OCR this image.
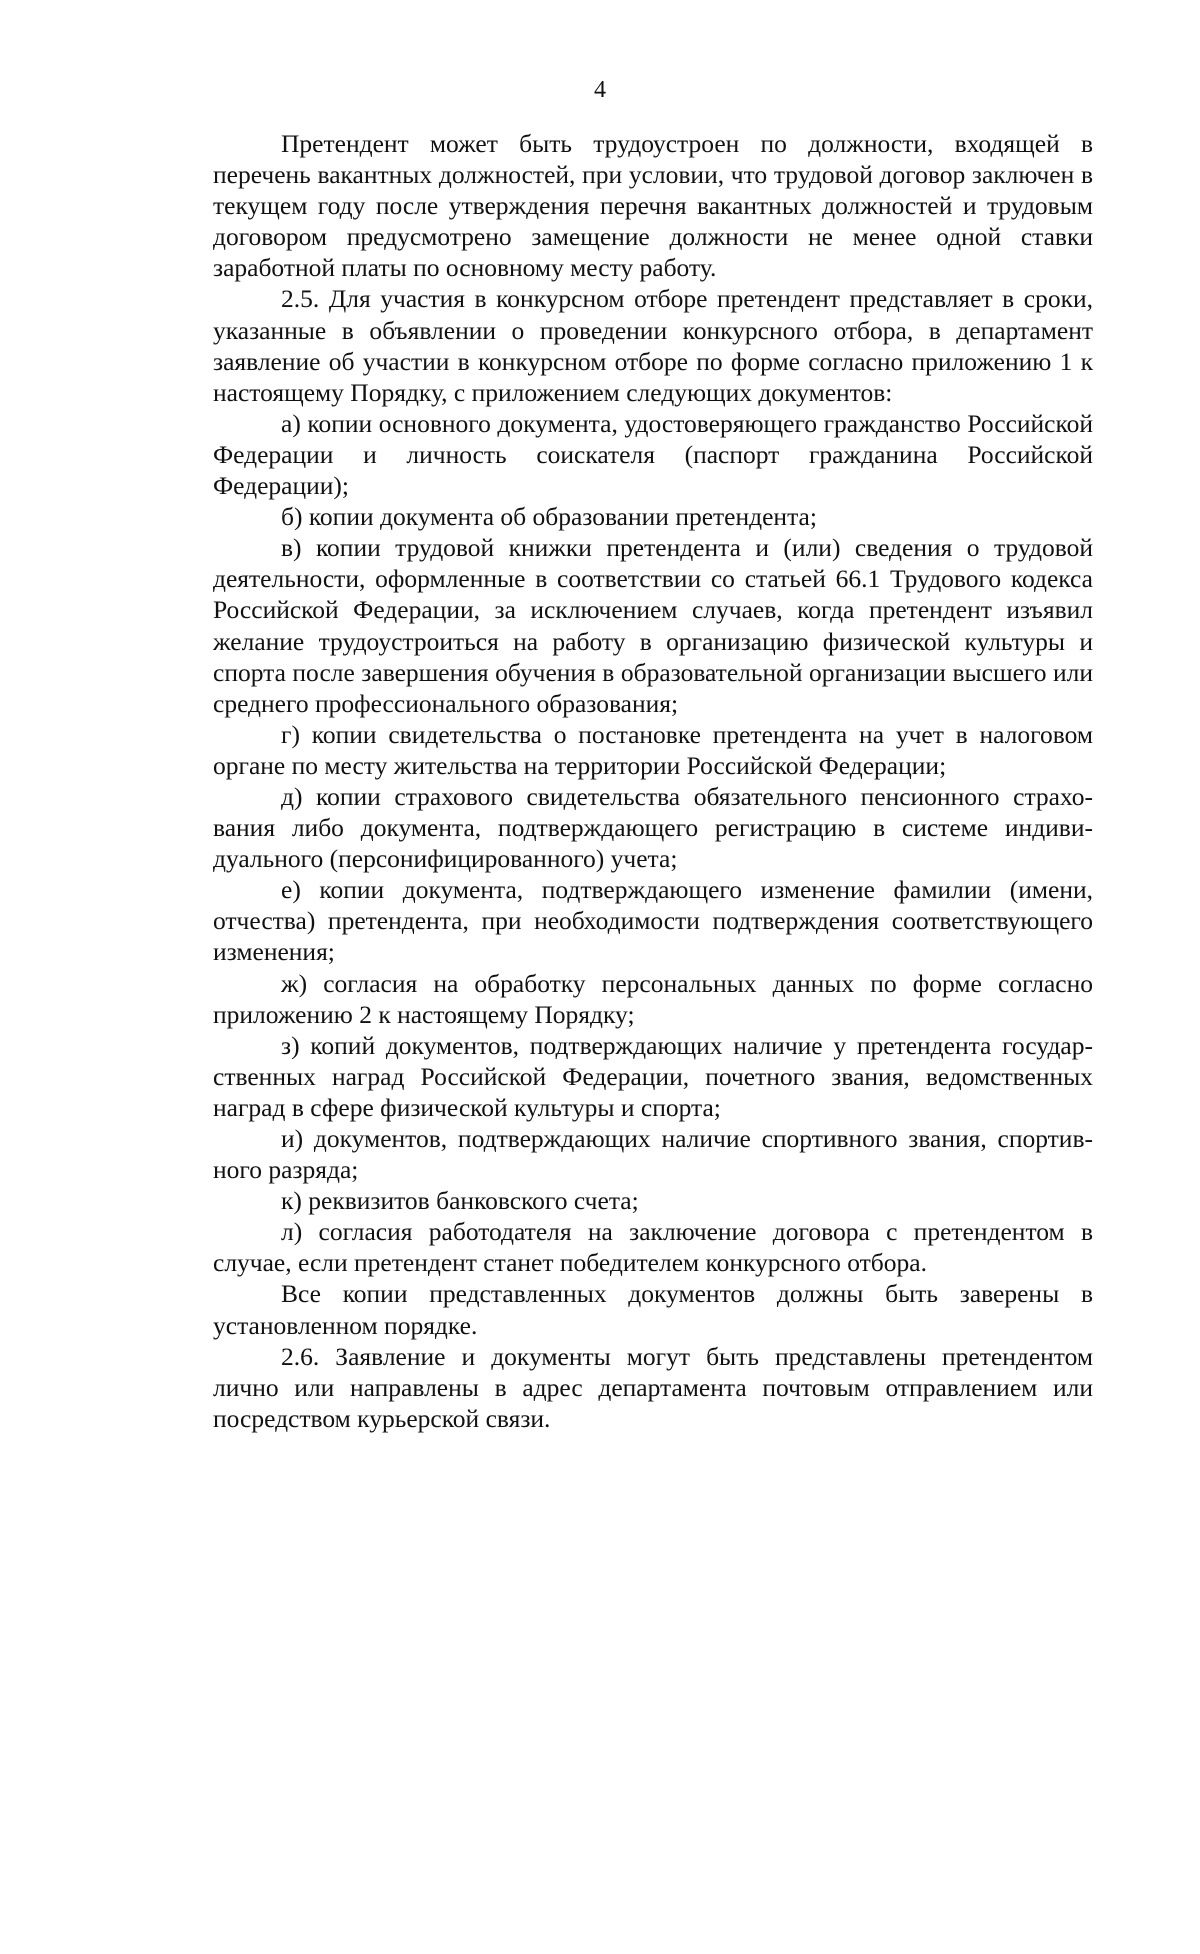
4

Претендент может быть трудоустроен по должности, входящей в перечень вакантных должностей, при условии, что трудовой договор заключен в текущем году после утверждения перечня вакантных должностей и трудовым договором предусмотрено замещение должности не менее одной ставки заработной платы по основному месту работу.

2.5. Для участия в конкурсном отборе претендент представляет в сроки, указанные в объявлении о проведении конкурсного отбора, в департамент заявление об участии в конкурсном отборе по форме согласно приложению 1 к настоящему Порядку, с приложением следующих документов:

а) копии основного документа, удостоверяющего гражданство Российской Федерации и личность соискателя (паспорт гражданина Российской Федерации);

б) копии документа об образовании претендента;

в) копии трудовой книжки претендента и (или) сведения о трудовой деятельности, оформленные в соответствии со статьей 66.1 Трудового кодекса Российской Федерации, за исключением случаев, когда претендент изъявил желание трудоустроиться на работу в организацию физической культуры и спорта после завершения обучения в образовательной организации высшего или среднего профессионального образования;

г) копии свидетельства о постановке претендента на учет в налоговом органе по месту жительства на территории Российской Федерации;

д) копии страхового свидетельства обязательного пенсионного страхования либо документа, подтверждающего регистрацию в системе индивидуального (персонифицированного) учета;

е) копии документа, подтверждающего изменение фамилии (имени, отчества) претендента, при необходимости подтверждения соответствующего изменения;

ж) согласия на обработку персональных данных по форме согласно приложению 2 к настоящему Порядку;

з) копий документов, подтверждающих наличие у претендента государственных наград Российской Федерации, почетного звания, ведомственных наград в сфере физической культуры и спорта;

и) документов, подтверждающих наличие спортивного звания, спортивного разряда;

к) реквизитов банковского счета;

л) согласия работодателя на заключение договора с претендентом в случае, если претендент станет победителем конкурсного отбора.

Все копии представленных документов должны быть заверены в установленном порядке.

2.6. Заявление и документы могут быть представлены претендентом лично или направлены в адрес департамента почтовым отправлением или посредством курьерской связи.
